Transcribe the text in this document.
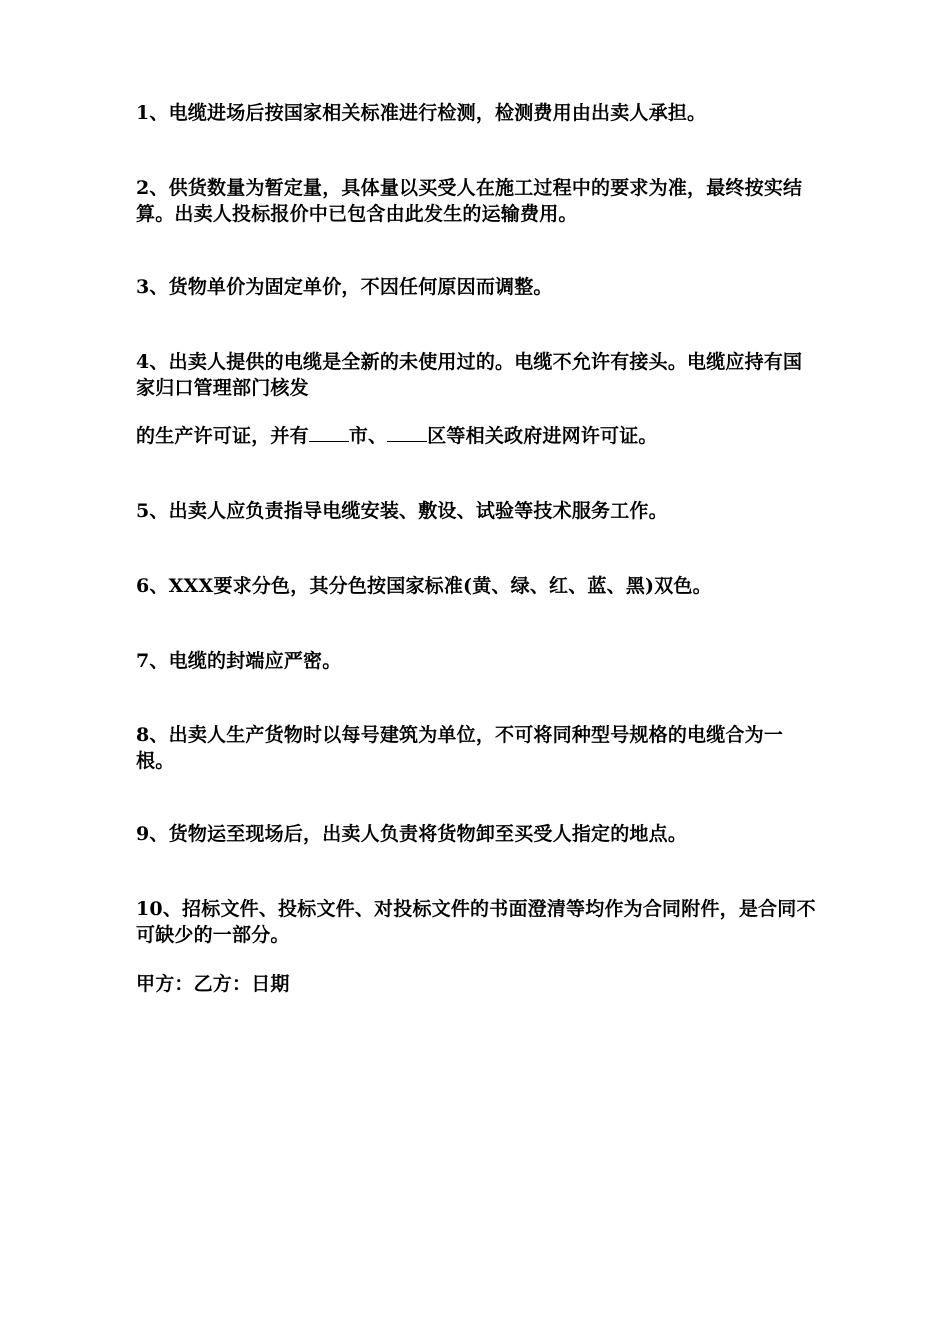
1、电缆进场后按国家相关标准进行检测，检测费用由出卖人承担。

2、供货数量为暂定量，具体量以买受人在施工过程中的要求为准，最终按实结算。出卖人投标报价中已包含由此发生的运输费用。

3、货物单价为固定单价，不因任何原因而调整。

4、出卖人提供的电缆是全新的未使用过的。电缆不允许有接头。电缆应持有国家归口管理部门核发

的生产许可证，并有 市、 区等相关政府进网许可证。

5、出卖人应负责指导电缆安装、敷设、试验等技术服务工作。

6、XXX要求分色，其分色按国家标准(黄、绿、红、蓝、黑)双色。

7、电缆的封端应严密。

8、出卖人生产货物时以每号建筑为单位，不可将同种型号规格的电缆合为一根。

9、货物运至现场后，出卖人负责将货物卸至买受人指定的地点。

10、招标文件、投标文件、对投标文件的书面澄清等均作为合同附件，是合同不可缺少的一部分。

甲方：乙方：日期
